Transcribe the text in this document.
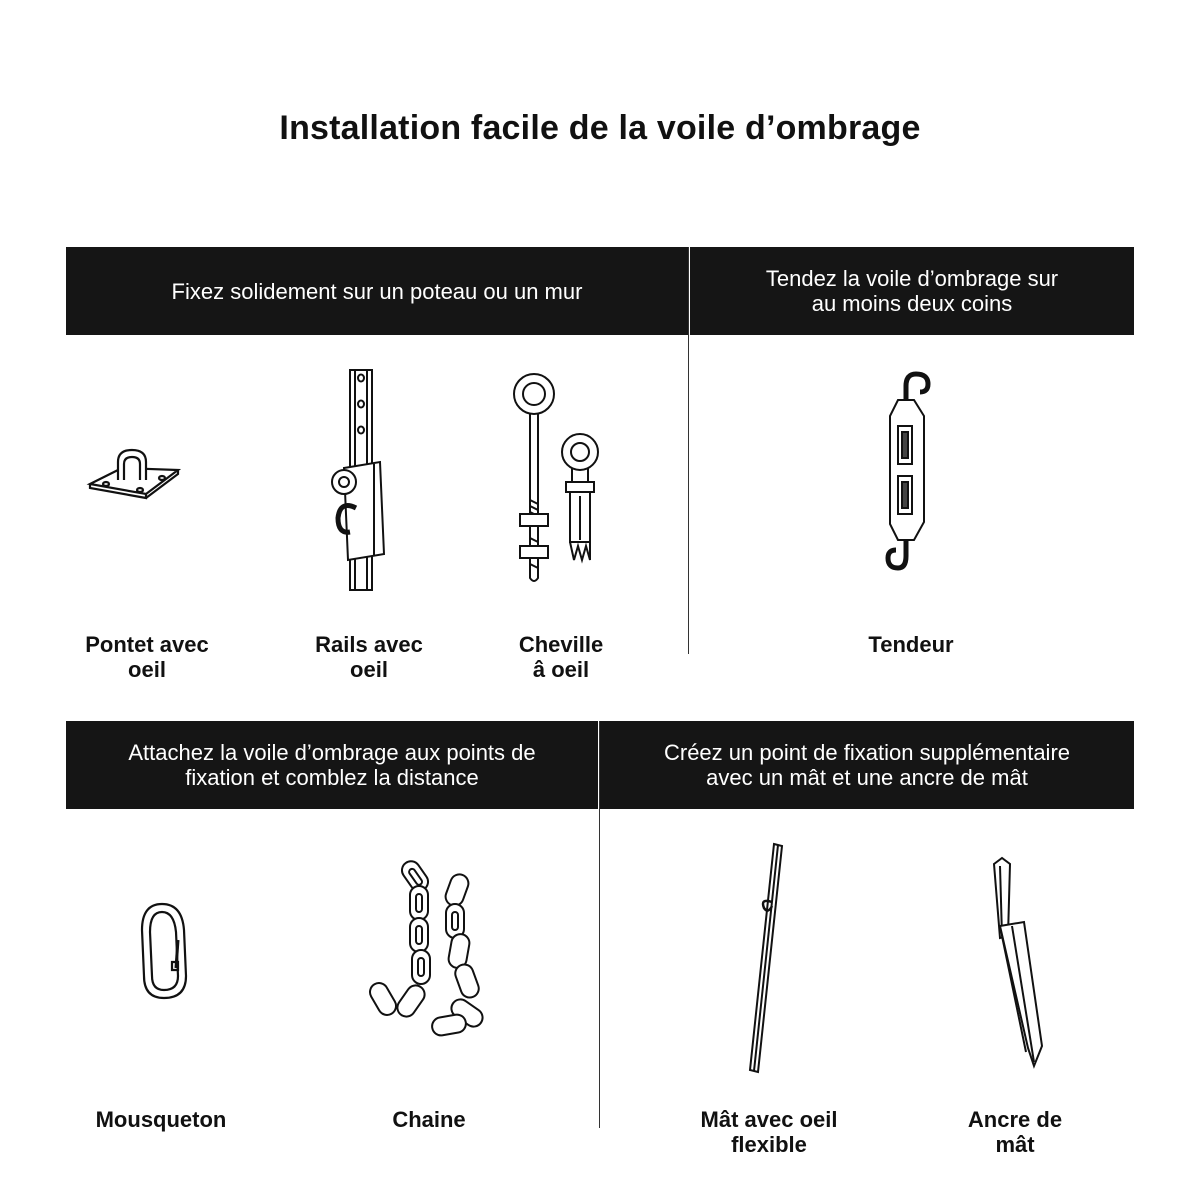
Installation facile de la voile d’ombrage
Fixez solidement sur un poteau ou un mur	Tendez la voile d’ombrage sur
au moins deux coins
Attachez la voile d’ombrage aux points de
fixation et comblez la distance
Créez un point de fixation supplémentaire
avec un mât et une ancre de mât
Pontet avec
oeil
Rails avec
oeil
Cheville
â oeil
Tendeur
Mousqueton	Chaine	Mât avec oeil
flexible
Ancre de
mât
